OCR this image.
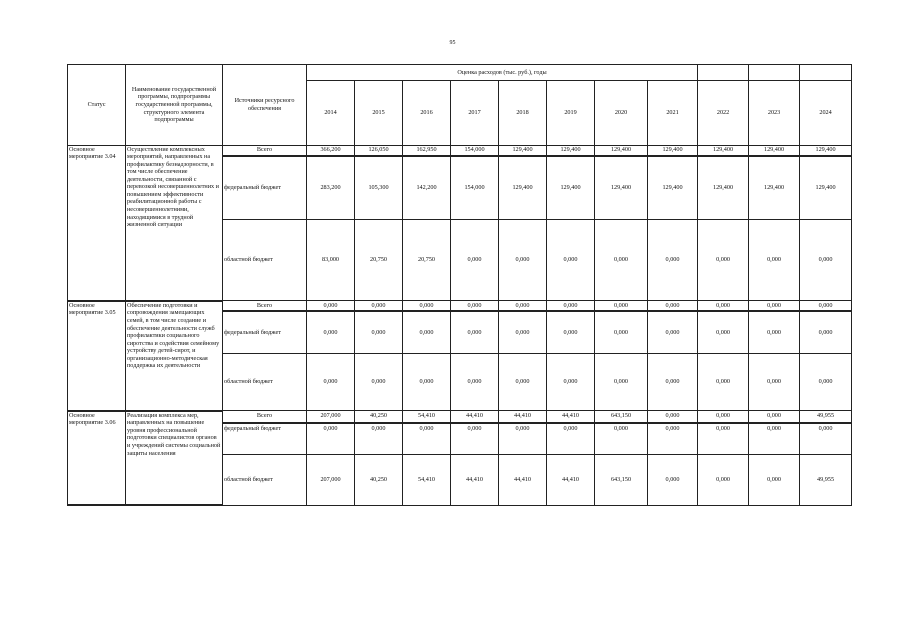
95
Статус	Наименование государственной программы, подпрограммы государственной программы, структурного элемента подпрограммы	Источники ресурсного обеспечения	Оценка расходов (тыс. руб.), годы										
			2014	2015	2016	2017	2018	2019	2020	2021	2022	2023	2024
Основное мероприятие 3.04	Осуществление комплексных мероприятий, направленных на профилактику безнадзорности, в том числе обеспечение деятельности, связанной с перевозкой несовершеннолетних и повышением эффективности реабилитационной работы с несовершеннолетними, находящимися в трудной жизненной ситуации	Всего	366,200	126,050	162,950	154,000	129,400	129,400	129,400	129,400	129,400	129,400	129,400
		федеральный бюджет	283,200	105,300	142,200	154,000	129,400	129,400	129,400	129,400	129,400	129,400	129,400
		областной бюджет	83,000	20,750	20,750	0,000	0,000	0,000	0,000	0,000	0,000	0,000	0,000
Основное мероприятие 3.05	Обеспечение подготовки и сопровождения замещающих семей, в том числе создание и обеспечение деятельности служб профилактики социального сиротства и содействия семейному устройству детей-сирот, и организационно-методическая поддержка их деятельности	Всего	0,000	0,000	0,000	0,000	0,000	0,000	0,000	0,000	0,000	0,000	0,000
		федеральный бюджет	0,000	0,000	0,000	0,000	0,000	0,000	0,000	0,000	0,000	0,000	0,000
		областной бюджет	0,000	0,000	0,000	0,000	0,000	0,000	0,000	0,000	0,000	0,000	0,000
Основное мероприятие 3.06	Реализация комплекса мер, направленных на повышение уровня профессиональной подготовки специалистов органов и учреждений системы социальной защиты населения	Всего	207,000	40,250	54,410	44,410	44,410	44,410	643,150	0,000	0,000	0,000	49,955
		федеральный бюджет	0,000	0,000	0,000	0,000	0,000	0,000	0,000	0,000	0,000	0,000	0,000
		областной бюджет	207,000	40,250	54,410	44,410	44,410	44,410	643,150	0,000	0,000	0,000	49,955
